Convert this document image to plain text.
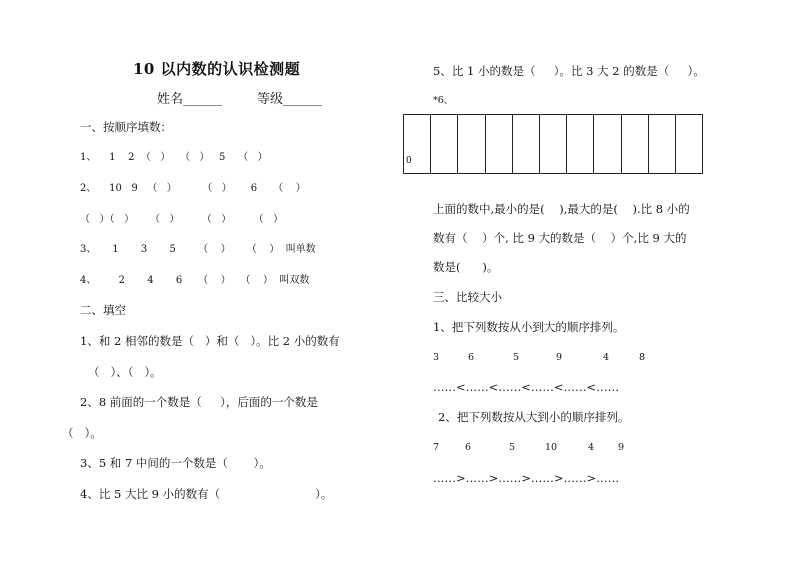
10 以内数的认识检测题
姓名______	等级______
一、按顺序填数：
1、    1    2  （   ）   （   ）   5    （   ）
2、    10   9   （   ）        （   ）      6     （    ）
（   ）（   ）     （   ）       （   ）       （   ）
3、     1       3       5       （    ）     （    ）  叫单数
4、       2       4       6     （    ）   （    ）  叫双数
二、填空
1、和 2 相邻的数是（   ）和（   ）。比 2 小的数有
（   ）、（   ）。
2、8 前面的一个数是（     ），后面的一个数是
（   ）。
3、5 和 7 中间的一个数是（       ）。
4、比 5 大比 9 小的数有（                          ）。
5、比 1 小的数是（     ）。比 3 大 2 的数是（     ）。
*6、
0
上面的数中,最小的是(    ),最大的是(    ).比 8 小的
数有（    ）个, 比 9 大的数是（    ）个,比 9 大的
数是(      )。
三、比较大小
1、把下列数按从小到大的顺序排列。
3	6	5	9	4	8
……<……<……<……<……<……
2、把下列数按从大到小的顺序排列。
7	6	5	10	4	9
……>……>……>……>……>……
